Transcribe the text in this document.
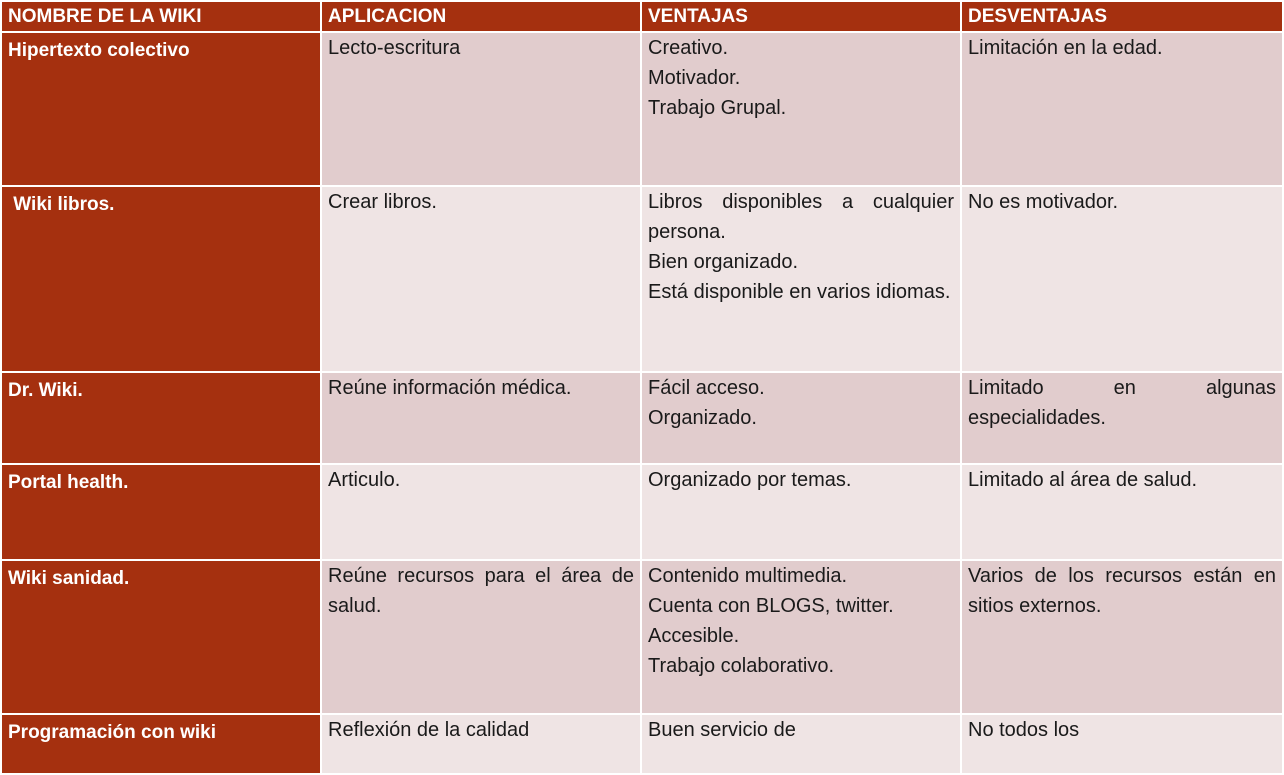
NOMBRE DE LA WIKI	APLICACION	VENTAJAS	DESVENTAJAS
Hipertexto colectivo	Lecto-escritura	Creativo.
Motivador.
Trabajo Grupal.	Limitación en la edad.

Wiki libros.	Crear libros.	Libros disponibles a cualquier persona.
Bien organizado.
Está disponible en varios idiomas.	No es motivador.

Dr. Wiki.	Reúne información médica.	Fácil acceso.
Organizado.	Limitado en algunas especialidades.

Portal health.	Articulo.	Organizado por temas.	Limitado al área de salud.

Wiki sanidad.	Reúne recursos para el área de salud.	Contenido multimedia.
Cuenta con BLOGS, twitter.
Accesible.
Trabajo colaborativo.	Varios de los recursos están en sitios externos.

Programación con wiki	Reflexión de la calidad	Buen servicio de	No todos los
